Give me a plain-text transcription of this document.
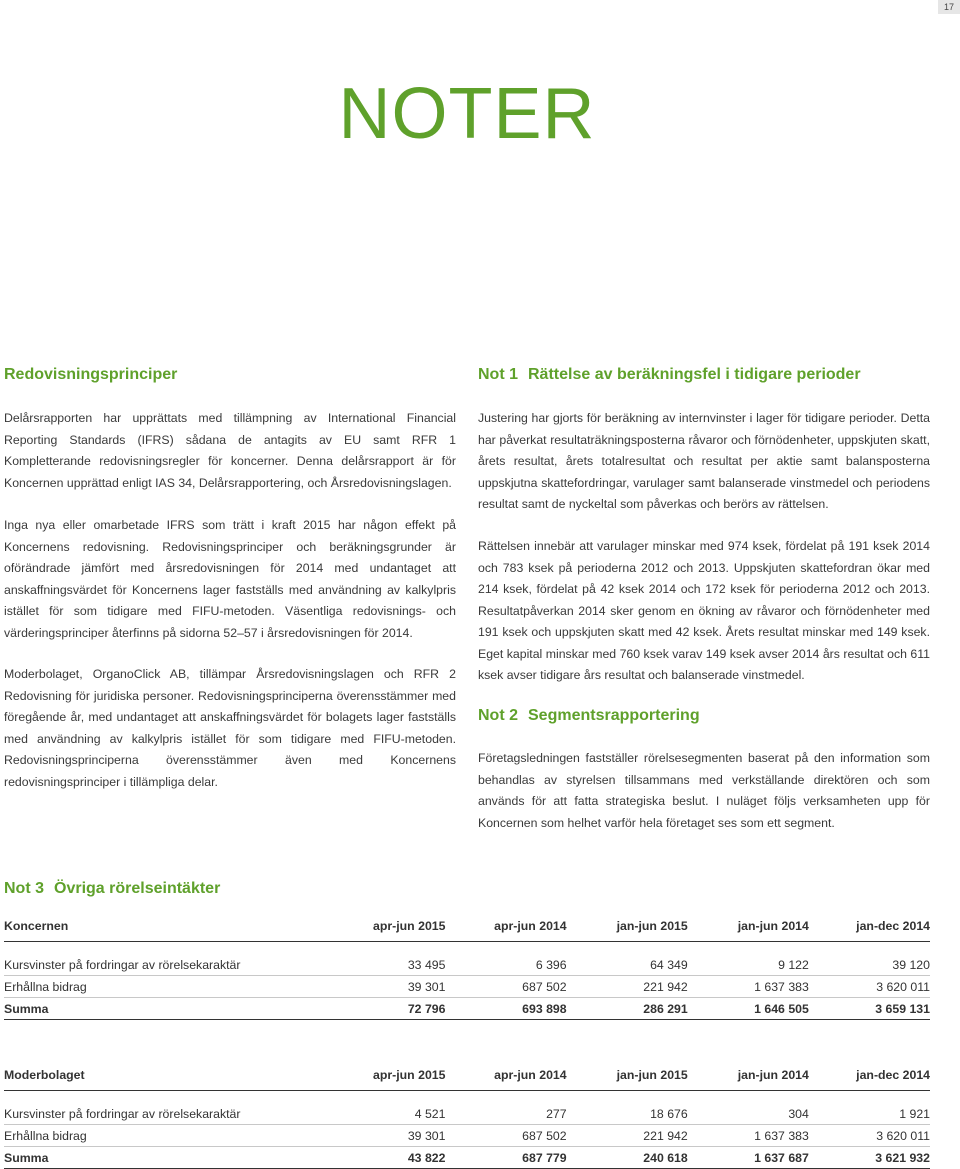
17
NOTER
Redovisningsprinciper

Delårsrapporten har upprättats med tillämpning av International Financial Reporting Standards (IFRS) sådana de antagits av EU samt RFR 1 Kompletterande redovisningsregler för koncerner. Denna delårsrapport är för Koncernen upprättad enligt IAS 34, Delårsrapportering, och Årsredovisningslagen.

Inga nya eller omarbetade IFRS som trätt i kraft 2015 har någon effekt på Koncernens redovisning. Redovisningsprinciper och beräkningsgrunder är oförändrade jämfört med årsredovisningen för 2014 med undantaget att anskaffningsvärdet för Koncernens lager fastställs med användning av kalkylpris istället för som tidigare med FIFU-metoden. Väsentliga redovisnings- och värderingsprinciper återfinns på sidorna 52–57 i årsredovisningen för 2014.

Moderbolaget, OrganoClick AB, tillämpar Årsredovisningslagen och RFR 2 Redovisning för juridiska personer. Redovisningsprinciperna överensstämmer med föregående år, med undantaget att anskaffningsvärdet för bolagets lager fastställs med användning av kalkylpris istället för som tidigare med FIFU-metoden. Redovisningsprinciperna överensstämmer även med Koncernens redovisningsprinciper i tillämpliga delar.

Not 1 Rättelse av beräkningsfel i tidigare perioder

Justering har gjorts för beräkning av internvinster i lager för tidigare perioder. Detta har påverkat resultaträkningsposterna råvaror och förnödenheter, uppskjuten skatt, årets resultat, årets totalresultat och resultat per aktie samt balansposterna uppskjutna skattefordringar, varulager samt balanserade vinstmedel och periodens resultat samt de nyckeltal som påverkas och berörs av rättelsen.

Rättelsen innebär att varulager minskar med 974 ksek, fördelat på 191 ksek 2014 och 783 ksek på perioderna 2012 och 2013. Uppskjuten skattefordran ökar med 214 ksek, fördelat på 42 ksek 2014 och 172 ksek för perioderna 2012 och 2013. Resultatpåverkan 2014 sker genom en ökning av råvaror och förnödenheter med 191 ksek och uppskjuten skatt med 42 ksek. Årets resultat minskar med 149 ksek. Eget kapital minskar med 760 ksek varav 149 ksek avser 2014 års resultat och 611 ksek avser tidigare års resultat och balanserade vinstmedel.

Not 2 Segmentsrapportering

Företagsledningen fastställer rörelsesegmenten baserat på den information som behandlas av styrelsen tillsammans med verkställande direktören och som används för att fatta strategiska beslut. I nuläget följs verksamheten upp för Koncernen som helhet varför hela företaget ses som ett segment.

Not 3 Övriga rörelseintäkter
Koncernen	apr-jun 2015	apr-jun 2014	jan-jun 2015	jan-jun 2014	jan-dec 2014

Kursvinster på fordringar av rörelsekaraktär	33 495	6 396	64 349	9 122	39 120
Erhållna bidrag	39 301	687 502	221 942	1 637 383	3 620 011
Summa	72 796	693 898	286 291	1 646 505	3 659 131
Moderbolaget	apr-jun 2015	apr-jun 2014	jan-jun 2015	jan-jun 2014	jan-dec 2014

Kursvinster på fordringar av rörelsekaraktär	4 521	277	18 676	304	1 921
Erhållna bidrag	39 301	687 502	221 942	1 637 383	3 620 011
Summa	43 822	687 779	240 618	1 637 687	3 621 932
